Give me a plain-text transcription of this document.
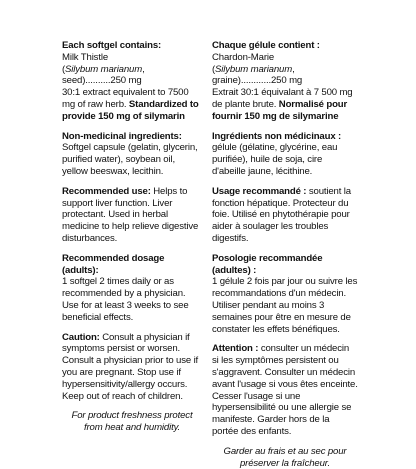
Each softgel contains:

Milk Thistle

(Silybum marianum, seed)..........250 mg

30:1 extract equivalent to 7500 mg of raw herb. Standardized to provide 150 mg of silymarin

Non-medicinal ingredients: Softgel capsule (gelatin, glycerin, purified water), soybean oil, yellow beeswax, lecithin.

Recommended use: Helps to support liver function. Liver protectant. Used in herbal medicine to help relieve digestive disturbances.

Recommended dosage (adults):

1 softgel 2 times daily or as recommended by a physician. Use for at least 3 weeks to see beneficial effects.

Caution: Consult a physician if symptoms persist or worsen. Consult a physician prior to use if you are pregnant. Stop use if hypersensitivity/allergy occurs. Keep out of reach of children.

For product freshness protect from heat and humidity.

Chaque gélule contient :

Chardon-Marie

(Silybum marianum, graine)............250 mg

Extrait 30:1 équivalant à 7 500 mg de plante brute. Normalisé pour fournir 150 mg de silymarine

Ingrédients non médicinaux : gélule (gélatine, glycérine, eau purifiée), huile de soja, cire d'abeille jaune, lécithine.

Usage recommandé : soutient la fonction hépatique. Protecteur du foie. Utilisé en phytothérapie pour aider à soulager les troubles digestifs.

Posologie recommandée (adultes) :

1 gélule 2 fois par jour ou suivre les recommandations d'un médecin. Utiliser pendant au moins 3 semaines pour être en mesure de constater les effets bénéfiques.

Attention : consulter un médecin si les symptômes persistent ou s'aggravent. Consulter un médecin avant l'usage si vous êtes enceinte. Cesser l'usage si une hypersensibilité ou une allergie se manifeste. Garder hors de la portée des enfants.

Garder au frais et au sec pour préserver la fraîcheur.
